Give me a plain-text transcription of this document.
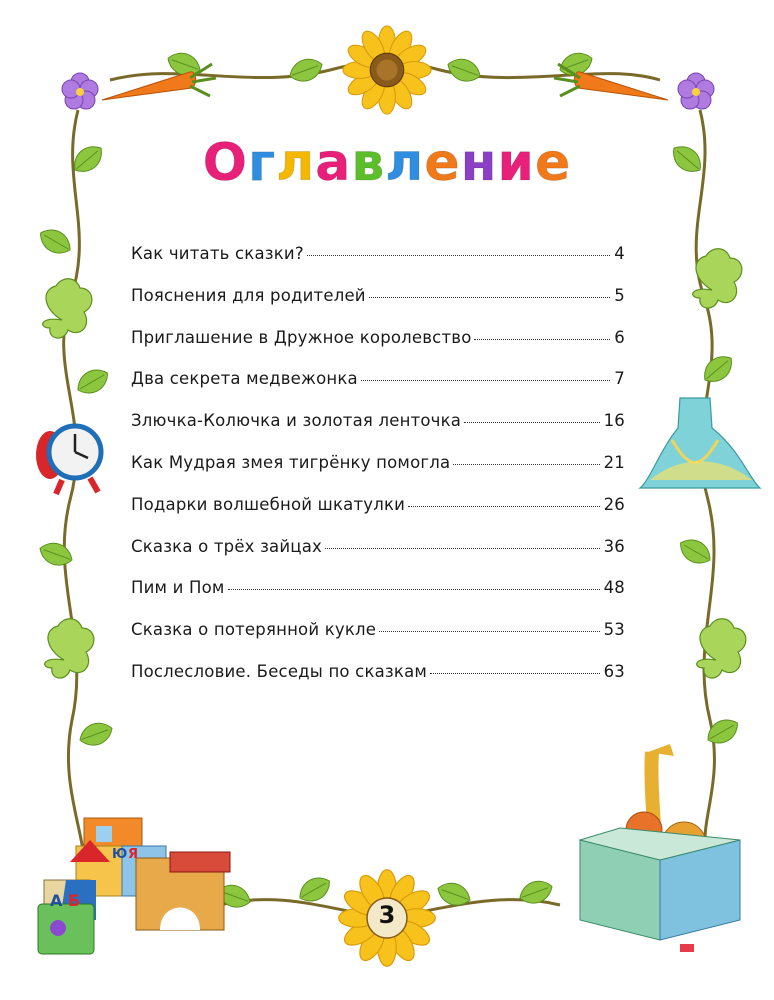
А Б
Ю Я
Оглавление
Как читать сказки?	4
Пояснения для родителей	5
Приглашение в Дружное королевство	6
Два секрета медвежонка	7
Злючка-Колючка и золотая ленточка	16
Как Мудрая змея тигрёнку помогла	21
Подарки волшебной шкатулки	26
Сказка о трёх зайцах	36
Пим и Пом	48
Сказка о потерянной кукле	53
Послесловие. Беседы по сказкам	63
3
